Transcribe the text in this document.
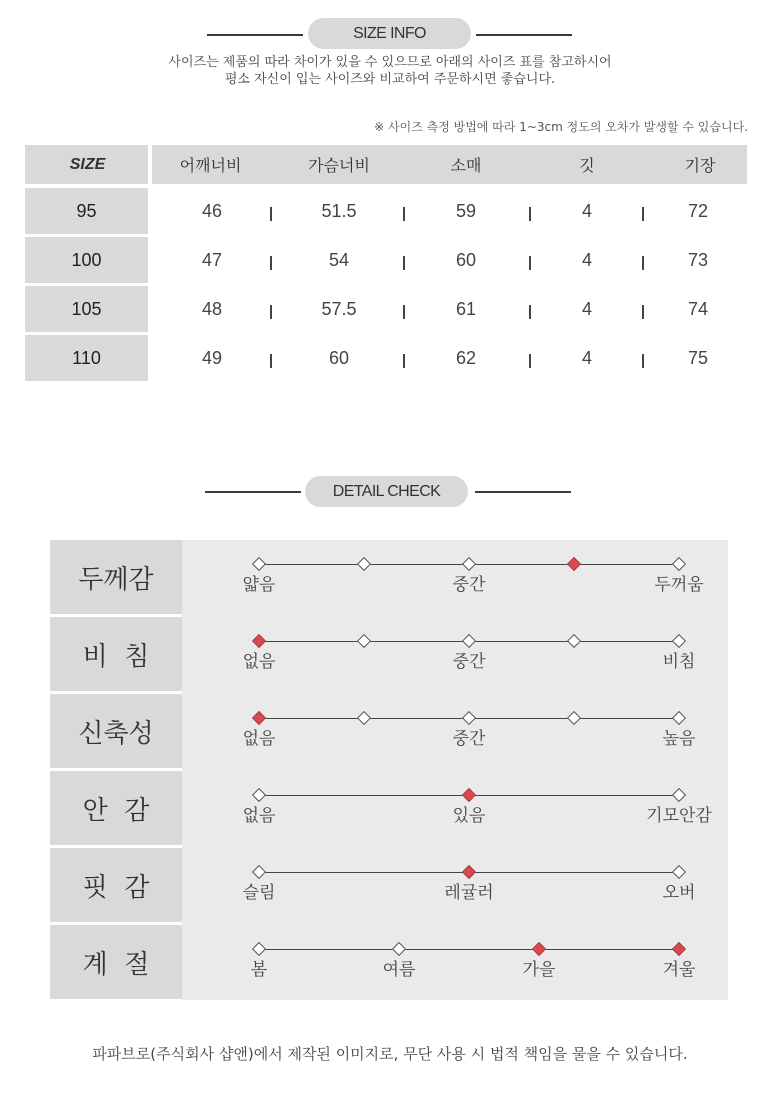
SIZE INFO
사이즈는 제품의 따라 차이가 있을 수 있으므로 아래의 사이즈 표를 참고하시어
평소 자신이 입는 사이즈와 비교하여 주문하시면 좋습니다.
※ 사이즈 측정 방법에 따라 1~3cm 정도의 오차가 발생할 수 있습니다.
SIZE	어깨너비	가슴너비	소매	깃	기장
95	46	51.5	59	4	72
100	47	54	60	4	73
105	48	57.5	61	4	74
110	49	60	62	4	75
DETAIL CHECK
두께감	얇음	중간	두꺼움
비  침	없음	중간	비침
신축성	없음	중간	높음
안  감	없음	있음	기모안감
핏  감	슬림	레귤러	오버
계  절	봄	여름	가을	겨울
파파브로(주식회사 샵앤)에서 제작된 이미지로, 무단 사용 시 법적 책임을 물을 수 있습니다.
